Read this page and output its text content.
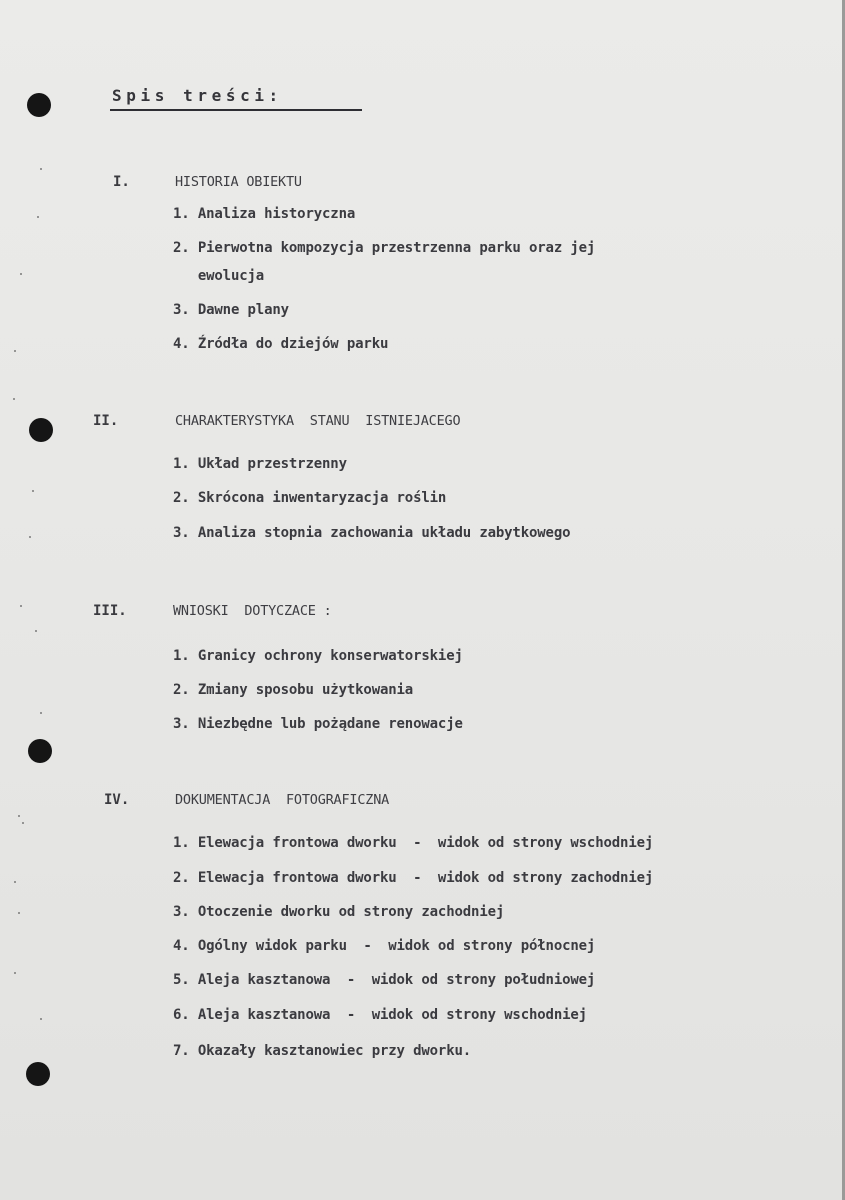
Spis treści:
I.	HISTORIA OBIEKTU
1. Analiza historyczna
2. Pierwotna kompozycja przestrzenna parku oraz jej
ewolucja
3. Dawne plany
4. Źródła do dziejów parku
II.	CHARAKTERYSTYKA  STANU  ISTNIEJACEGO
1. Układ przestrzenny
2. Skrócona inwentaryzacja roślin
3. Analiza stopnia zachowania układu zabytkowego
III.	WNIOSKI  DOTYCZACE :
1. Granicy ochrony konserwatorskiej
2. Zmiany sposobu użytkowania
3. Niezbędne lub pożądane renowacje
IV.	DOKUMENTACJA  FOTOGRAFICZNA
1. Elewacja frontowa dworku  -  widok od strony wschodniej
2. Elewacja frontowa dworku  -  widok od strony zachodniej
3. Otoczenie dworku od strony zachodniej
4. Ogólny widok parku  -  widok od strony północnej
5. Aleja kasztanowa  -  widok od strony południowej
6. Aleja kasztanowa  -  widok od strony wschodniej
7. Okazały kasztanowiec przy dworku.
